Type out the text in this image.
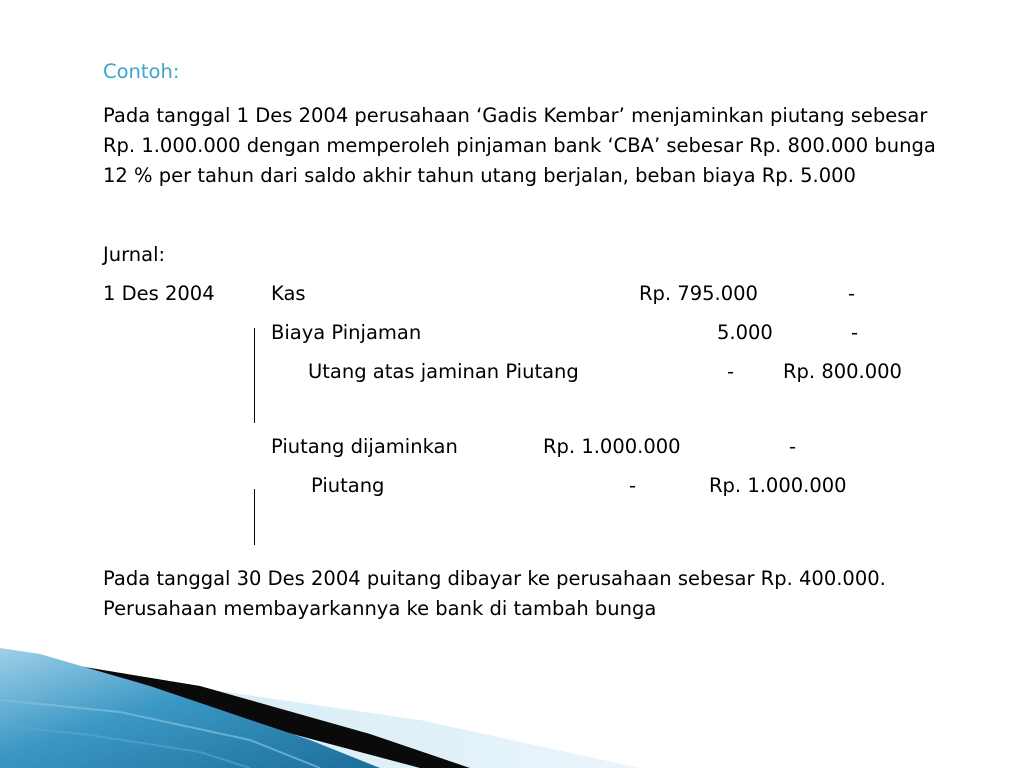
Contoh:

Pada tanggal 1 Des 2004 perusahaan ‘Gadis Kembar’ menjaminkan piutang sebesar Rp. 1.000.000 dengan memperoleh pinjaman bank ‘CBA’ sebesar Rp. 800.000 bunga 12 % per tahun dari saldo akhir tahun utang berjalan, beban biaya Rp. 5.000

Jurnal:

1 Des 2004	Kas	Rp. 795.000	-

Biaya Pinjaman	5.000	-

Utang atas jaminan Piutang	-	Rp. 800.000

Piutang dijaminkan	Rp. 1.000.000	-

Piutang	-	Rp. 1.000.000

Pada tanggal 30 Des 2004 puitang dibayar ke perusahaan sebesar Rp. 400.000. Perusahaan membayarkannya ke bank di tambah bunga
